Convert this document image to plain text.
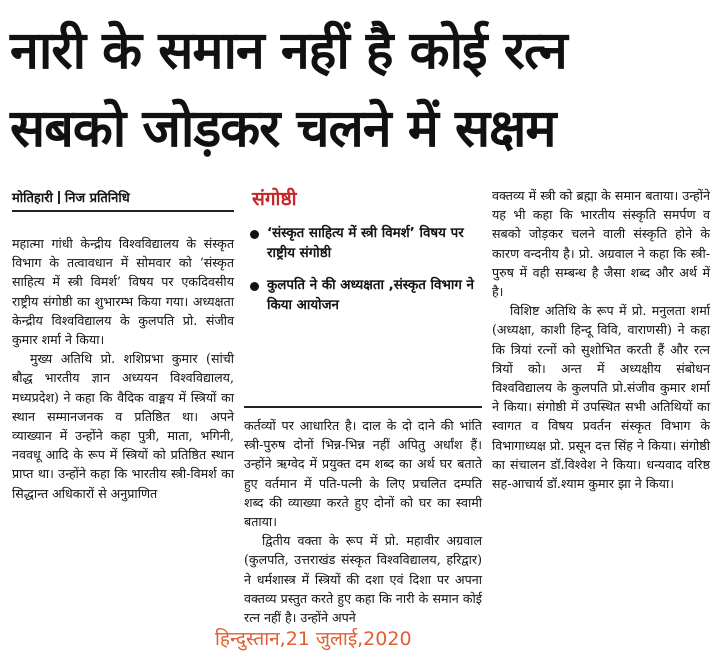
नारी के समान नहीं है कोई रत्न
सबको जोड़कर चलने में सक्षम
मोतिहारी निज प्रतिनिधि

महात्मा गांधी केन्द्रीय विश्वविद्यालय के संस्कृत विभाग के तत्वावधान में सोमवार को ‘संस्कृत साहित्य में स्त्री विमर्श’ विषय पर एकदिवसीय राष्ट्रीय संगोष्ठी का शुभारम्भ किया गया। अध्यक्षता केन्द्रीय विश्वविद्यालय के कुलपति प्रो. संजीव कुमार शर्मा ने किया।

मुख्य अतिथि प्रो. शशिप्रभा कुमार (सांची बौद्ध भारतीय ज्ञान अध्ययन विश्वविद्यालय, मध्यप्रदेश) ने कहा कि वैदिक वाङ्मय में स्त्रियों का स्थान सम्मानजनक व प्रतिष्ठित था। अपने व्याख्यान में उन्होंने कहा पुत्री, माता, भगिनी, नववधू आदि के रूप में स्त्रियों को प्रतिष्ठित स्थान प्राप्त था। उन्होंने कहा कि भारतीय स्त्री-विमर्श का सिद्धान्त अधिकारों से अनुप्राणित

संगोष्ठी
‘संस्कृत साहित्य में स्त्री विमर्श’ विषय पर राष्ट्रीय संगोष्ठी
कुलपति ने की अध्यक्षता ,संस्कृत विभाग ने किया आयोजन

कर्तव्यों पर आधारित है। दाल के दो दाने की भांति स्त्री-पुरुष दोनों भिन्न-भिन्न नहीं अपितु अर्धांश हैं। उन्होंने ऋग्वेद में प्रयुक्त दम शब्द का अर्थ घर बताते हुए वर्तमान में पति-पत्नी के लिए प्रचलित दम्पति शब्द की व्याख्या करते हुए दोनों को घर का स्वामी बताया।

द्वितीय वक्ता के रूप में प्रो. महावीर अग्रवाल (कुलपति, उत्तराखंड संस्कृत विश्वविद्यालय, हरिद्वार) ने धर्मशास्त्र में स्त्रियों की दशा एवं दिशा पर अपना वक्तव्य प्रस्तुत करते हुए कहा कि नारी के समान कोई रत्न नहीं है। उन्होंने अपने

वक्तव्य में स्त्री को ब्रह्मा के समान बताया। उन्होंने यह भी कहा कि भारतीय संस्कृति समर्पण व सबको जोड़कर चलने वाली संस्कृति होने के कारण वन्दनीय है। प्रो. अग्रवाल ने कहा कि स्त्री-पुरुष में वही सम्बन्ध है जैसा शब्द और अर्थ में है।

विशिष्ट अतिथि के रूप में प्रो. मनुलता शर्मा (अध्यक्षा, काशी हिन्दू विवि, वाराणसी) ने कहा कि त्रियां रत्नों को सुशोभित करती हैं और रत्न त्रियों को। अन्त में अध्यक्षीय संबोधन विश्वविद्यालय के कुलपति प्रो.संजीव कुमार शर्मा ने किया। संगोष्ठी में उपस्थित सभी अतिथियों का स्वागत व विषय प्रवर्तन संस्कृत विभाग के विभागाध्यक्ष प्रो. प्रसून दत्त सिंह ने किया। संगोष्ठी का संचालन डॉ.विश्वेश ने किया। धन्यवाद वरिष्ठ सह-आचार्य डॉ.श्याम कुमार झा ने किया।

हिन्दुस्तान,21 जुलाई,2020
